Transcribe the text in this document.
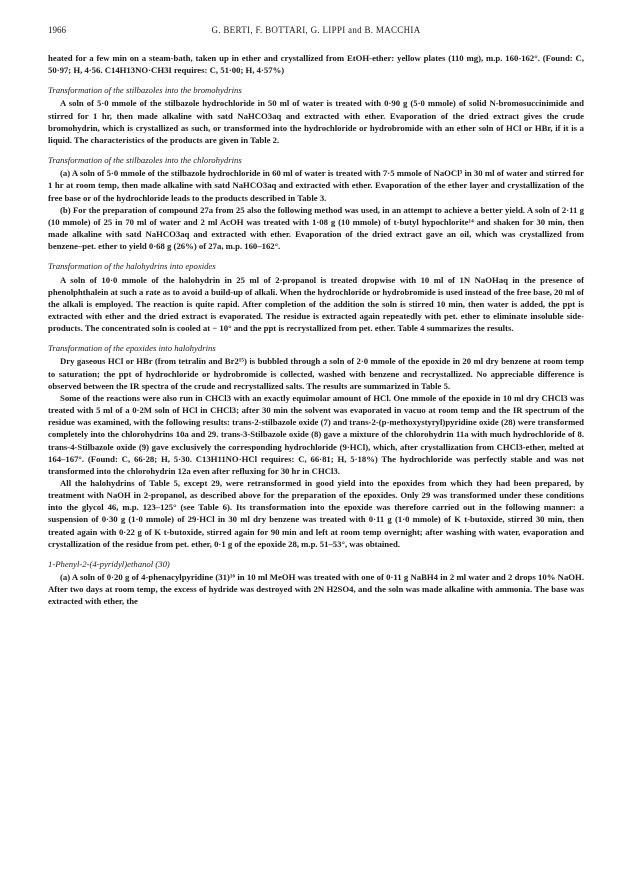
1966	G. BERTI, F. BOTTARI, G. LIPPI and B. MACCHIA

heated for a few min on a steam-bath, taken up in ether and crystallized from EtOH-ether: yellow plates (110 mg), m.p. 160-162°. (Found: C, 50·97; H, 4·56. C14H13NO·CH3I requires: C, 51·00; H, 4·57%)

Transformation of the stilbazoles into the bromohydrins

A soln of 5·0 mmole of the stilbazole hydrochloride in 50 ml of water is treated with 0·90 g (5·0 mmole) of solid N-bromosuccinimide and stirred for 1 hr, then made alkaline with satd NaHCO3aq and extracted with ether. Evaporation of the dried extract gives the crude bromohydrin, which is crystallized as such, or transformed into the hydrochloride or hydrobromide with an ether soln of HCl or HBr, if it is a liquid. The characteristics of the products are given in Table 2.

Transformation of the stilbazoles into the chlorohydrins

(a) A soln of 5·0 mmole of the stilbazole hydrochloride in 60 ml of water is treated with 7·5 mmole of NaOCl³ in 30 ml of water and stirred for 1 hr at room temp, then made alkaline with satd NaHCO3aq and extracted with ether. Evaporation of the ether layer and crystallization of the free base or of the hydrochloride leads to the products described in Table 3.

(b) For the preparation of compound 27a from 25 also the following method was used, in an attempt to achieve a better yield. A soln of 2·11 g (10 mmole) of 25 in 70 ml of water and 2 ml AcOH was treated with 1·08 g (10 mmole) of t-butyl hypochlorite¹⁴ and shaken for 30 min, then made alkaline with satd NaHCO3aq and extracted with ether. Evaporation of the dried extract gave an oil, which was crystallized from benzene–pet. ether to yield 0·68 g (26%) of 27a, m.p. 160–162°.

Transformation of the halohydrins into epoxides

A soln of 10·0 mmole of the halohydrin in 25 ml of 2-propanol is treated dropwise with 10 ml of 1N NaOHaq in the presence of phenolphthalein at such a rate as to avoid a build-up of alkali. When the hydrochloride or hydrobromide is used instead of the free base, 20 ml of the alkali is employed. The reaction is quite rapid. After completion of the addition the soln is stirred 10 min, then water is added, the ppt is extracted with ether and the dried extract is evaporated. The residue is extracted again repeatedly with pet. ether to eliminate insoluble side-products. The concentrated soln is cooled at − 10° and the ppt is recrystallized from pet. ether. Table 4 summarizes the results.

Transformation of the epoxides into halohydrins

Dry gaseous HCl or HBr (from tetralin and Br2¹⁵) is bubbled through a soln of 2·0 mmole of the epoxide in 20 ml dry benzene at room temp to saturation; the ppt of hydrochloride or hydrobromide is collected, washed with benzene and recrystallized. No appreciable difference is observed between the IR spectra of the crude and recrystallized salts. The results are summarized in Table 5.

Some of the reactions were also run in CHCl3 with an exactly equimolar amount of HCl. One mmole of the epoxide in 10 ml dry CHCl3 was treated with 5 ml of a 0·2M soln of HCl in CHCl3; after 30 min the solvent was evaporated in vacuo at room temp and the IR spectrum of the residue was examined, with the following results: trans-2-stilbazole oxide (7) and trans-2-(p-methoxystyryl)pyridine oxide (28) were transformed completely into the chlorohydrins 10a and 29. trans-3-Stilbazole oxide (8) gave a mixture of the chlorohydrin 11a with much hydrochloride of 8. trans-4-Stilbazole oxide (9) gave exclusively the corresponding hydrochloride (9·HCl), which, after crystallization from CHCl3-ether, melted at 164–167°. (Found: C, 66·28; H, 5·30. C13H11NO·HCl requires: C, 66·81; H, 5·18%) The hydrochloride was perfectly stable and was not transformed into the chlorohydrin 12a even after refluxing for 30 hr in CHCl3.

All the halohydrins of Table 5, except 29, were retransformed in good yield into the epoxides from which they had been prepared, by treatment with NaOH in 2-propanol, as described above for the preparation of the epoxides. Only 29 was transformed under these conditions into the glycol 46, m.p. 123–125° (see Table 6). Its transformation into the epoxide was therefore carried out in the following manner: a suspension of 0·30 g (1·0 mmole) of 29·HCl in 30 ml dry benzene was treated with 0·11 g (1·0 mmole) of K t-butoxide, stirred 30 min, then treated again with 0·22 g of K t-butoxide, stirred again for 90 min and left at room temp overnight; after washing with water, evaporation and crystallization of the residue from pet. ether, 0·1 g of the epoxide 28, m.p. 51–53°, was obtained.

1-Phenyl-2-(4-pyridyl)ethanol (30)

(a) A soln of 0·20 g of 4-phenacylpyridine (31)¹⁶ in 10 ml MeOH was treated with one of 0·11 g NaBH4 in 2 ml water and 2 drops 10% NaOH. After two days at room temp, the excess of hydride was destroyed with 2N H2SO4, and the soln was made alkaline with ammonia. The base was extracted with ether, the
